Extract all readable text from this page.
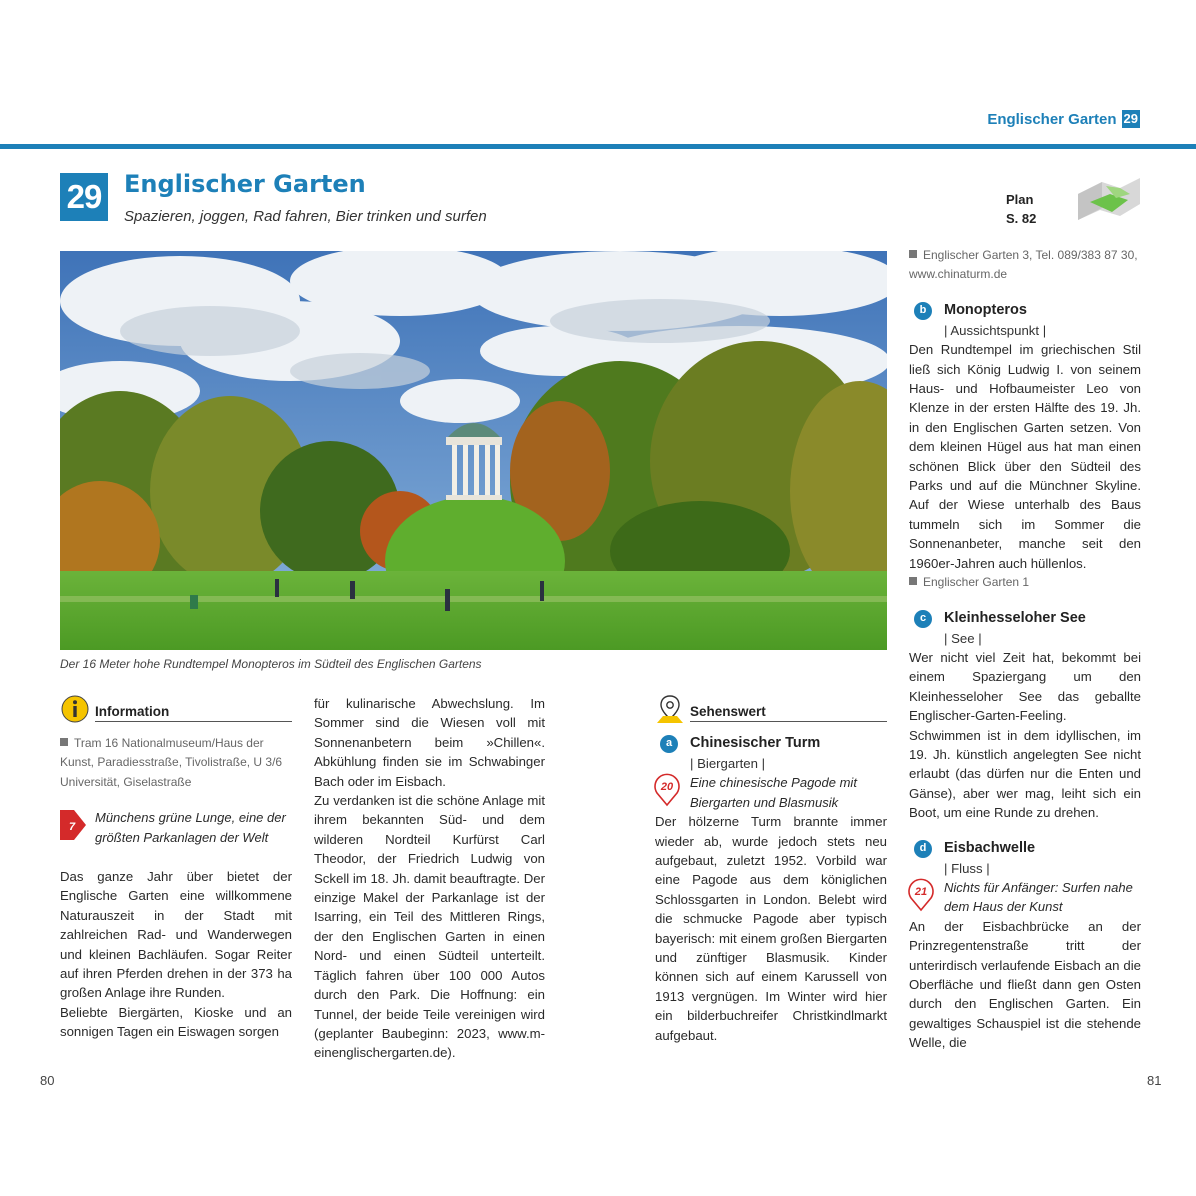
Englischer Garten 29
29 Englischer Garten
Spazieren, joggen, Rad fahren, Bier trinken und surfen
Plan
S. 82
Der 16 Meter hohe Rundtempel Monopteros im Südteil des Englischen Gartens
Information

Tram 16 Nationalmuseum/Haus der Kunst, Paradiesstraße, Tivolistraße, U 3/6 Universität, Giselastraße

7
Münchens grüne Lunge, eine der größten Parkanlagen der Welt

Das ganze Jahr über bietet der Englische Garten eine willkommene Naturauszeit in der Stadt mit zahlreichen Rad- und Wanderwegen und kleinen Bachläufen. Sogar Reiter auf ihren Pferden drehen in der 373 ha großen Anlage ihre Runden.

Beliebte Biergärten, Kioske und an sonnigen Tagen ein Eiswagen sorgen

für kulinarische Abwechslung. Im Sommer sind die Wiesen voll mit Sonnenanbetern beim »Chillen«. Abkühlung finden sie im Schwabinger Bach oder im Eisbach.

Zu verdanken ist die schöne Anlage mit ihrem bekannten Süd- und dem wilderen Nordteil Kurfürst Carl Theodor, der Friedrich Ludwig von Sckell im 18. Jh. damit beauftragte. Der einzige Makel der Parkanlage ist der Isarring, ein Teil des Mittleren Rings, der den Englischen Garten in einen Nord- und einen Südteil unterteilt. Täglich fahren über 100 000 Autos durch den Park. Die Hoffnung: ein Tunnel, der beide Teile vereinigen wird (geplanter Baubeginn: 2023, www.m-einenglischergarten.de).

Sehenswert
a	Chinesischer Turm
| Biergarten |
20 Eine chinesische Pagode mit Biergarten und Blasmusik

Der hölzerne Turm brannte immer wieder ab, wurde jedoch stets neu aufgebaut, zuletzt 1952. Vorbild war eine Pagode aus dem königlichen Schlossgarten in London. Belebt wird die schmucke Pagode aber typisch bayerisch: mit einem großen Biergarten und zünftiger Blasmusik. Kinder können sich auf einem Karussell von 1913 vergnügen. Im Winter wird hier ein bilderbuchreifer Christkindlmarkt aufgebaut.

Englischer Garten 3, Tel. 089/383 87 30, www.chinaturm.de

b	Monopteros
| Aussichtspunkt |

Den Rundtempel im griechischen Stil ließ sich König Ludwig I. von seinem Haus- und Hofbaumeister Leo von Klenze in der ersten Hälfte des 19. Jh. in den Englischen Garten setzen. Von dem kleinen Hügel aus hat man einen schönen Blick über den Südteil des Parks und auf die Münchner Skyline. Auf der Wiese unterhalb des Baus tummeln sich im Sommer die Sonnenanbeter, manche seit den 1960er-Jahren auch hüllenlos.

Englischer Garten 1

c	Kleinhesseloher See
| See |

Wer nicht viel Zeit hat, bekommt bei einem Spaziergang um den Kleinhesseloher See das geballte Englischer-Garten-Feeling. Schwimmen ist in dem idyllischen, im 19. Jh. künstlich angelegten See nicht erlaubt (das dürfen nur die Enten und Gänse), aber wer mag, leiht sich ein Boot, um eine Runde zu drehen.

d	Eisbachwelle
| Fluss |
21 Nichts für Anfänger: Surfen nahe dem Haus der Kunst

An der Eisbachbrücke an der Prinzregentenstraße tritt der unterirdisch verlaufende Eisbach an die Oberfläche und fließt dann gen Osten durch den Englischen Garten. Ein gewaltiges Schauspiel ist die stehende Welle, die

80	81
